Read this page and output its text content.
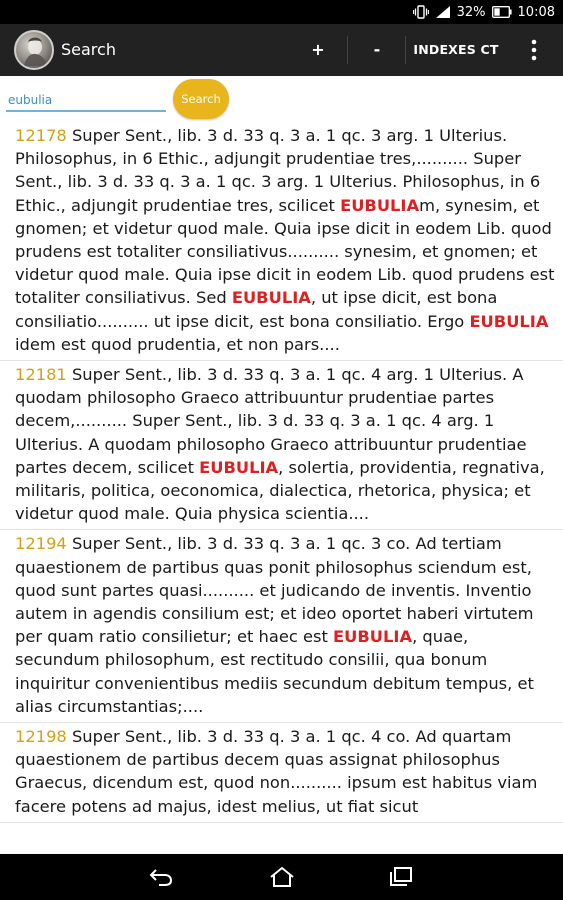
32% 10:08
Search	+	-	INDEXES CT
eubulia
Search
12178 Super Sent., lib. 3 d. 33 q. 3 a. 1 qc. 3 arg. 1 Ulterius. Philosophus, in 6 Ethic., adjungit prudentiae tres,.......... Super Sent., lib. 3 d. 33 q. 3 a. 1 qc. 3 arg. 1 Ulterius. Philosophus, in 6 Ethic., adjungit prudentiae tres, scilicet EUBULIAm, synesim, et gnomen; et videtur quod male. Quia ipse dicit in eodem Lib. quod prudens est totaliter consiliativus.......... synesim, et gnomen; et videtur quod male. Quia ipse dicit in eodem Lib. quod prudens est totaliter consiliativus. Sed EUBULIA, ut ipse dicit, est bona consiliatio.......... ut ipse dicit, est bona consiliatio. Ergo EUBULIA idem est quod prudentia, et non pars....
12181 Super Sent., lib. 3 d. 33 q. 3 a. 1 qc. 4 arg. 1 Ulterius. A quodam philosopho Graeco attribuuntur prudentiae partes decem,.......... Super Sent., lib. 3 d. 33 q. 3 a. 1 qc. 4 arg. 1 Ulterius. A quodam philosopho Graeco attribuuntur prudentiae partes decem, scilicet EUBULIA, solertia, providentia, regnativa, militaris, politica, oeconomica, dialectica, rhetorica, physica; et videtur quod male. Quia physica scientia....
12194 Super Sent., lib. 3 d. 33 q. 3 a. 1 qc. 3 co. Ad tertiam quaestionem de partibus quas ponit philosophus sciendum est, quod sunt partes quasi.......... et judicando de inventis. Inventio autem in agendis consilium est; et ideo oportet haberi virtutem per quam ratio consilietur; et haec est EUBULIA, quae, secundum philosophum, est rectitudo consilii, qua bonum inquiritur convenientibus mediis secundum debitum tempus, et alias circumstantias;....
12198 Super Sent., lib. 3 d. 33 q. 3 a. 1 qc. 4 co. Ad quartam quaestionem de partibus decem quas assignat philosophus Graecus, dicendum est, quod non.......... ipsum est habitus viam facere potens ad majus, idest melius, ut fiat sicut
